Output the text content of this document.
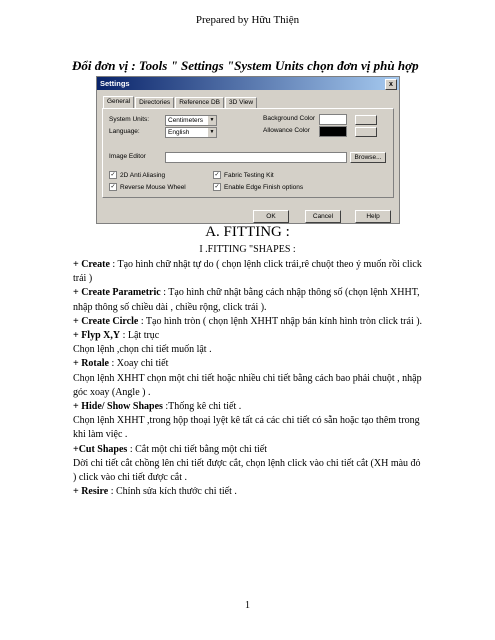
Prepared by Hữu Thiện
Đổi đơn vị : Tools " Settings "System Units chọn đơn vị phù hợp
Settings	x
General	Directories	Reference DB	3D View
System Units:	Centimeters	▼
Language:	English	▼
Background Color
Allowance Color
Image Editor	Browse...
✓ 2D Anti Aliasing
✓ Reverse Mouse Wheel
✓ Fabric Testing Kit
✓ Enable Edge Finish options
OK	Cancel	Help
A. FITTING :
I .FITTING "SHAPES :

+ Create : Tạo hình chữ nhật tự do ( chọn lệnh click trái,rê chuột theo ý muốn rồi click trái )

+ Create Parametric : Tạo hình chữ nhật bằng cách nhập thông số (chọn lệnh XHHT, nhập thông số chiều dài , chiều rộng, click trái ).

+ Create Circle : Tạo hình tròn ( chọn lệnh XHHT nhập bán kính hình tròn click trái ).

+ Flyp X,Y : Lật trục

Chọn lệnh ,chọn chi tiết muốn lật .

+ Rotale : Xoay chi tiết

Chọn lệnh XHHT chọn một chi tiết hoặc nhiều chi tiết bằng cách bao phải chuột , nhập góc xoay (Angle ) .

+ Hide/ Show Shapes :Thống kê chi tiết .

Chọn lệnh XHHT ,trong hộp thoại lyệt kê tất cả các chi tiết có sẵn hoặc tạo thêm trong khi làm việc .

+Cut Shapes : Cắt một chi tiết bằng một chi tiết

Dời chi tiết cắt chồng lên chi tiết được cắt, chọn lệnh click vào chi tiết cắt (XH màu đỏ ) click vào chi tiết được cắt .

+ Resire : Chỉnh sửa kích thước chi tiết .

1
